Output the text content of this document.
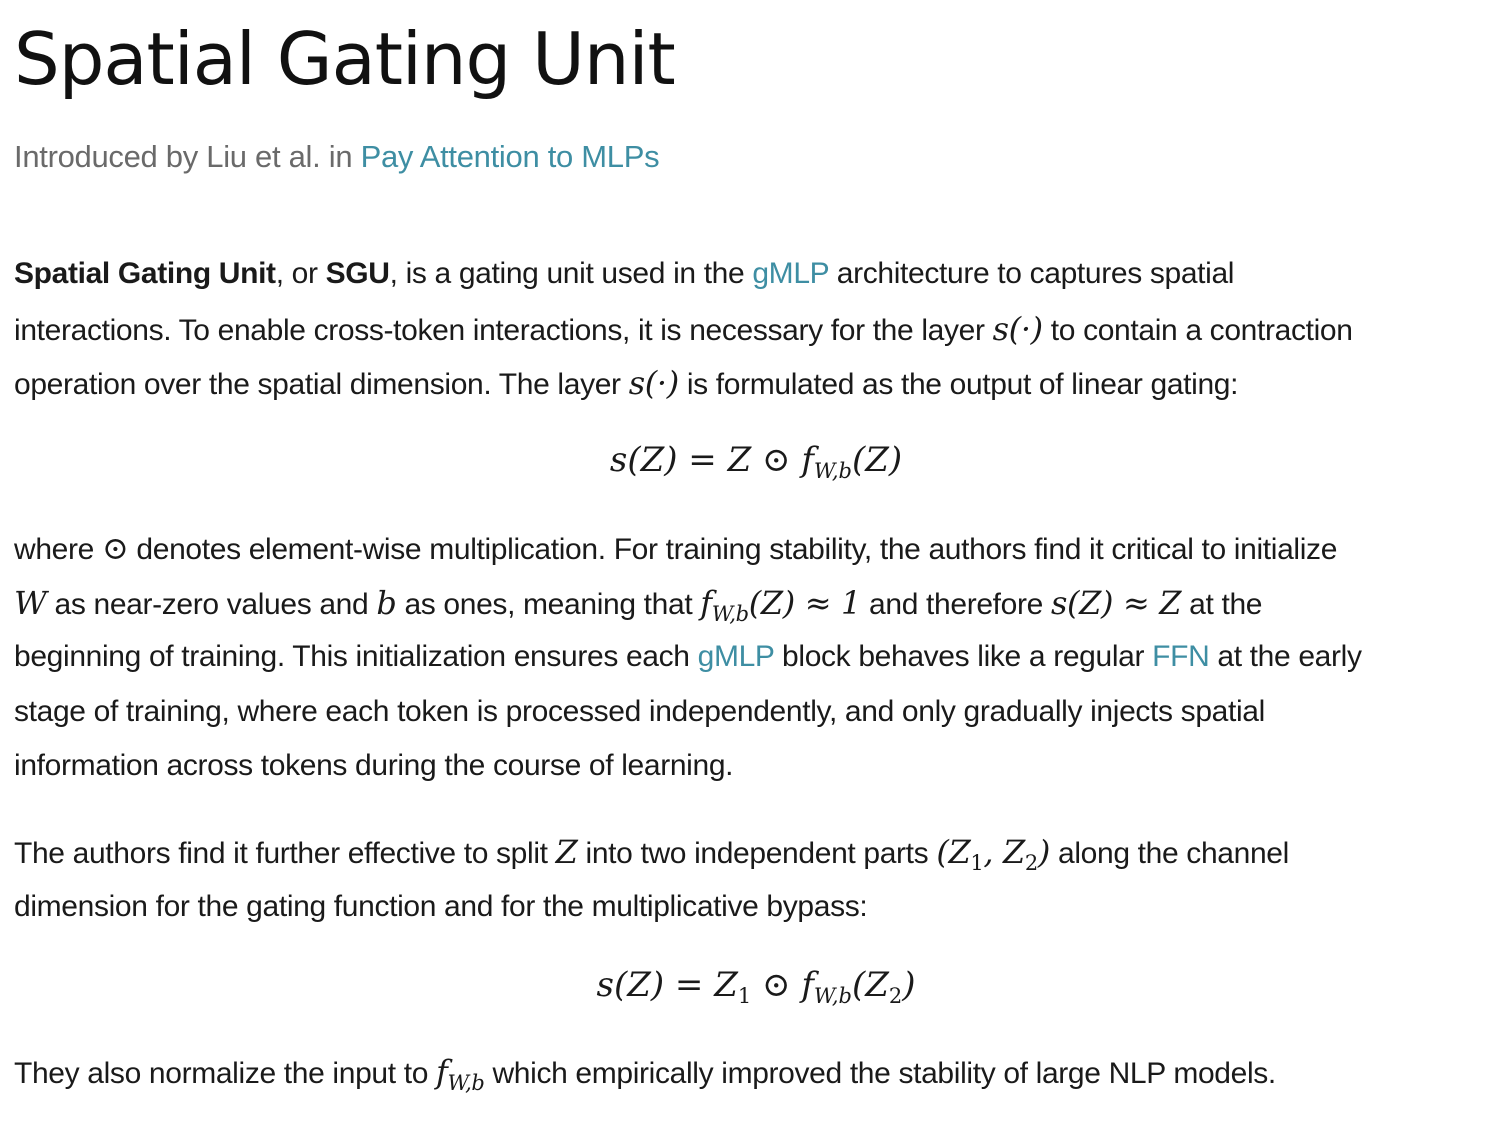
Spatial Gating Unit
Introduced by Liu et al. in Pay Attention to MLPs
Spatial Gating Unit, or SGU, is a gating unit used in the gMLP architecture to captures spatial
interactions. To enable cross-token interactions, it is necessary for the layer s(·) to contain a contraction
operation over the spatial dimension. The layer s(·) is formulated as the output of linear gating:
s(Z) = Z ⊙ $f_{W,b}(Z)$
where ⊙ denotes element-wise multiplication. For training stability, the authors find it critical to initialize
W as near-zero values and b as ones, meaning that $f_{W,b}(Z) \approx 1$ and therefore s(Z) ≈ Z at the
beginning of training. This initialization ensures each gMLP block behaves like a regular FFN at the early
stage of training, where each token is processed independently, and only gradually injects spatial
information across tokens during the course of learning.
The authors find it further effective to split Z into two independent parts ($Z_1$, $Z_2$) along the channel
dimension for the gating function and for the multiplicative bypass:
$s(Z) = Z_1$ ⊙ $f_{W,b}(Z_2)$
They also normalize the input to $f_{W,b}$ which empirically improved the stability of large NLP models.
